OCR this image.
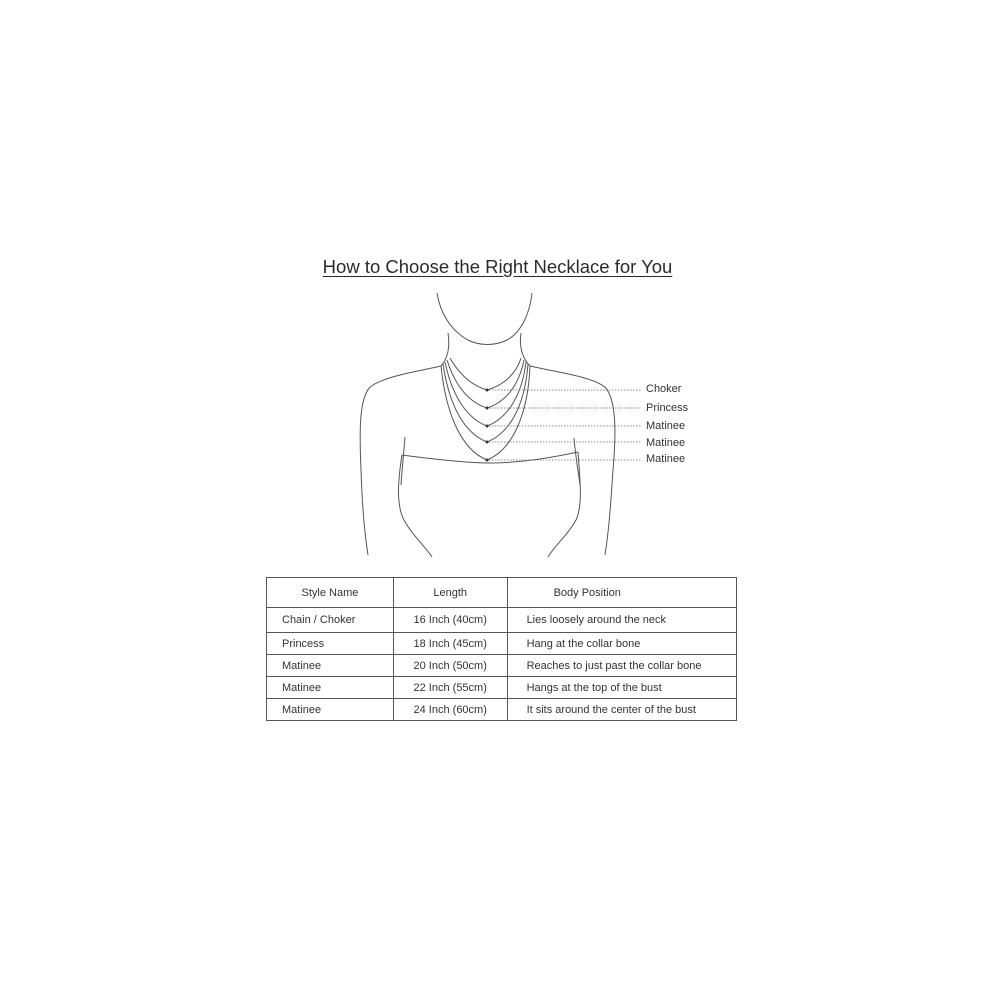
How to Choose the Right Necklace for You
Choker
Princess
Matinee
Matinee
Matinee
Style Name	Length	Body Position
Chain / Choker	16 Inch (40cm)	Lies loosely around the neck
Princess	18 Inch (45cm)	Hang at the collar bone
Matinee	20 Inch (50cm)	Reaches to just past the collar bone
Matinee	22 Inch (55cm)	Hangs at the top of the bust
Matinee	24 Inch (60cm)	It sits around the center of the bust
